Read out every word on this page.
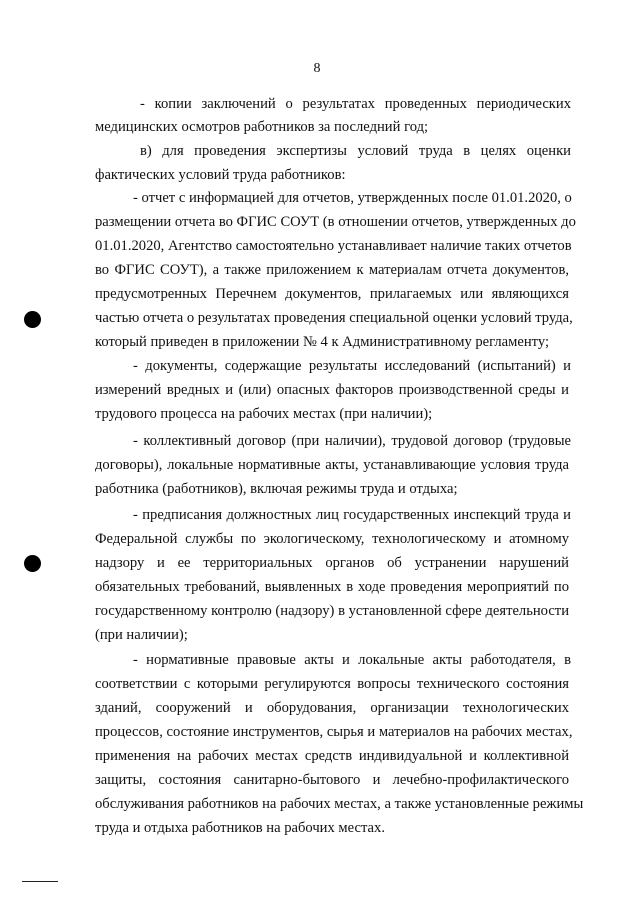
8
- копии заключений о результатах проведенных периодических
медицинских осмотров работников за последний год;
в) для проведения экспертизы условий труда в целях оценки
фактических условий труда работников:
- отчет с информацией для отчетов, утвержденных после 01.01.2020, о
размещении отчета во ФГИС СОУТ (в отношении отчетов, утвержденных до
01.01.2020, Агентство самостоятельно устанавливает наличие таких отчетов
во ФГИС СОУТ), а также приложением к материалам отчета документов,
предусмотренных Перечнем документов, прилагаемых или являющихся
частью отчета о результатах проведения специальной оценки условий труда,
который приведен в приложении № 4 к Административному регламенту;
- документы, содержащие результаты исследований (испытаний) и
измерений вредных и (или) опасных факторов производственной среды и
трудового процесса на рабочих местах (при наличии);
- коллективный договор (при наличии), трудовой договор (трудовые
договоры), локальные нормативные акты, устанавливающие условия труда
работника (работников), включая режимы труда и отдыха;
- предписания должностных лиц государственных инспекций труда и
Федеральной службы по экологическому, технологическому и атомному
надзору и ее территориальных органов об устранении нарушений
обязательных требований, выявленных в ходе проведения мероприятий по
государственному контролю (надзору) в установленной сфере деятельности
(при наличии);
- нормативные правовые акты и локальные акты работодателя, в
соответствии с которыми регулируются вопросы технического состояния
зданий, сооружений и оборудования, организации технологических
процессов, состояние инструментов, сырья и материалов на рабочих местах,
применения на рабочих местах средств индивидуальной и коллективной
защиты, состояния санитарно-бытового и лечебно-профилактического
обслуживания работников на рабочих местах, а также установленные режимы
труда и отдыха работников на рабочих местах.
